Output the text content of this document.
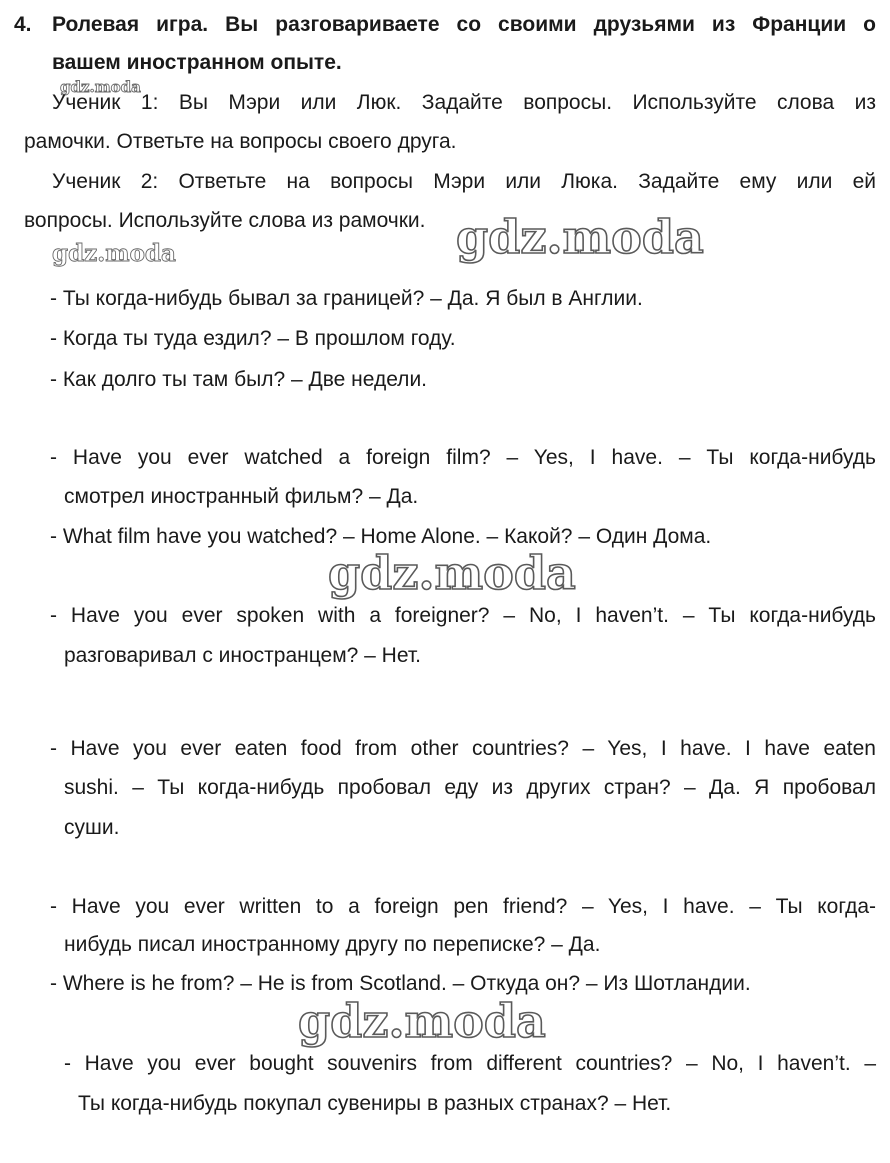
4. Ролевая игра. Вы разговариваете со своими друзьями из Франции о
вашем иностранном опыте.
gdz.moda
Ученик 1: Вы Мэри или Люк. Задайте вопросы. Используйте слова из
рамочки. Ответьте на вопросы своего друга.
Ученик 2: Ответьте на вопросы Мэри или Люка. Задайте ему или ей
вопросы. Используйте слова из рамочки. gdz.moda
gdz.moda
- Ты когда-нибудь бывал за границей? – Да. Я был в Англии.
- Когда ты туда ездил? – В прошлом году.
- Как долго ты там был? – Две недели.
- Have you ever watched a foreign film? – Yes, I have. – Ты когда-нибудь
смотрел иностранный фильм? – Да.
- What film have you watched? – Home Alone. – Какой? – Один Дома.
gdz.moda
- Have you ever spoken with a foreigner? – No, I haven’t. – Ты когда-нибудь
разговаривал с иностранцем? – Нет.
- Have you ever eaten food from other countries? – Yes, I have. I have eaten
sushi. – Ты когда-нибудь пробовал еду из других стран? – Да. Я пробовал
суши.
- Have you ever written to a foreign pen friend? – Yes, I have. – Ты когда-
нибудь писал иностранному другу по переписке? – Да.
- Where is he from? – He is from Scotland. – Откуда он? – Из Шотландии.
gdz.moda
- Have you ever bought souvenirs from different countries? – No, I haven’t. –
Ты когда-нибудь покупал сувениры в разных странах? – Нет.
